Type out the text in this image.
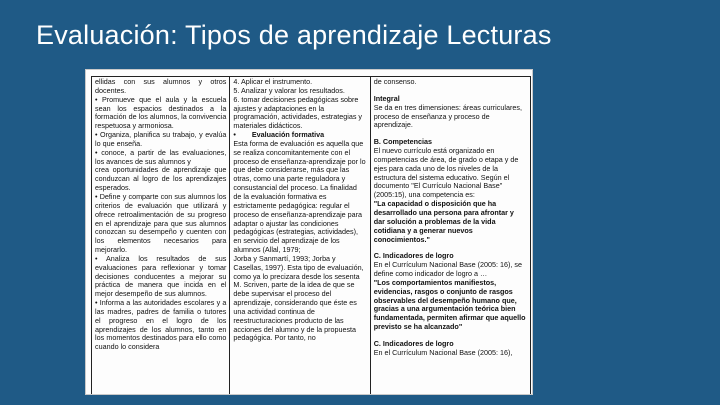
Evaluación: Tipos de aprendizaje Lecturas

ellidas con sus alumnos y otros docentes.

• Promueve que el aula y la escuela sean los espacios destinados a la formación de los alumnos, la convivencia respetuosa y armoniosa.

• Organiza, planifica su trabajo, y evalúa lo que enseña.

• conoce, a partir de las evaluaciones, los avances de sus alumnos y

crea oportunidades de aprendizaje que conduzcan al logro de los aprendizajes esperados.

• Define y comparte con sus alumnos los criterios de evaluación que utilizará y ofrece retroalimentación de su progreso en el aprendizaje para que sus alumnos conozcan su desempeño y cuenten con los elementos necesarios para mejorarlo.

• Analiza los resultados de sus evaluaciones para reflexionar y tomar decisiones conducentes a mejorar su práctica de manera que incida en el mejor desempeño de sus alumnos.

• Informa a las autoridades escolares y a las madres, padres de familia o tutores el progreso en el logro de los aprendizajes de los alumnos, tanto en los momentos destinados para ello como cuando lo considera

4. Aplicar el instrumento.

5. Analizar y valorar los resultados.

6. tomar decisiones pedagógicas sobre ajustes y adaptaciones en la programación, actividades, estrategias y materiales didácticos.

•        Evaluación formativa

Esta forma de evaluación es aquella que se realiza concomitantemente con el proceso de enseñanza-aprendizaje por lo que debe considerarse, más que las otras, como una parte reguladora y consustancial del proceso. La finalidad de la evaluación formativa es estrictamente pedagógica: regular el proceso de enseñanza-aprendizaje para adaptar o ajustar las condiciones pedagógicas (estrategias, actividades), en servicio del aprendizaje de los alumnos (Allal, 1979;

Jorba y Sanmartí, 1993; Jorba y Casellas, 1997). Esta tipo de evaluación, como ya lo precizara desde los sesenta M. Scriven, parte de la idea de que se debe supervisar el proceso del aprendizaje, considerando que éste es una actividad continua de reestructuraciones producto de las acciones del alumno y de la propuesta pedagógica. Por tanto, no

de consenso.

Integral

Se da en tres dimensiones: áreas curriculares, proceso de enseñanza y proceso de aprendizaje.

B. Competencias

El nuevo currículo está organizado en competencias de área, de grado o etapa y de ejes para cada uno de los niveles de la estructura del sistema educativo. Según el documento "El Currículo Nacional Base" (2005:15), una competencia es:

"La capacidad o disposición que ha desarrollado una persona para afrontar y dar solución a problemas de la vida cotidiana y a generar nuevos conocimientos."

C. Indicadores de logro

En el Currículum Nacional Base (2005: 16), se define como indicador de logro a …

"Los comportamientos manifiestos, evidencias, rasgos o conjunto de rasgos observables del desempeño humano que, gracias a una argumentación teórica bien fundamentada, permiten afirmar que aquello previsto se ha alcanzado"

C. Indicadores de logro

En el Currículum Nacional Base (2005: 16),
